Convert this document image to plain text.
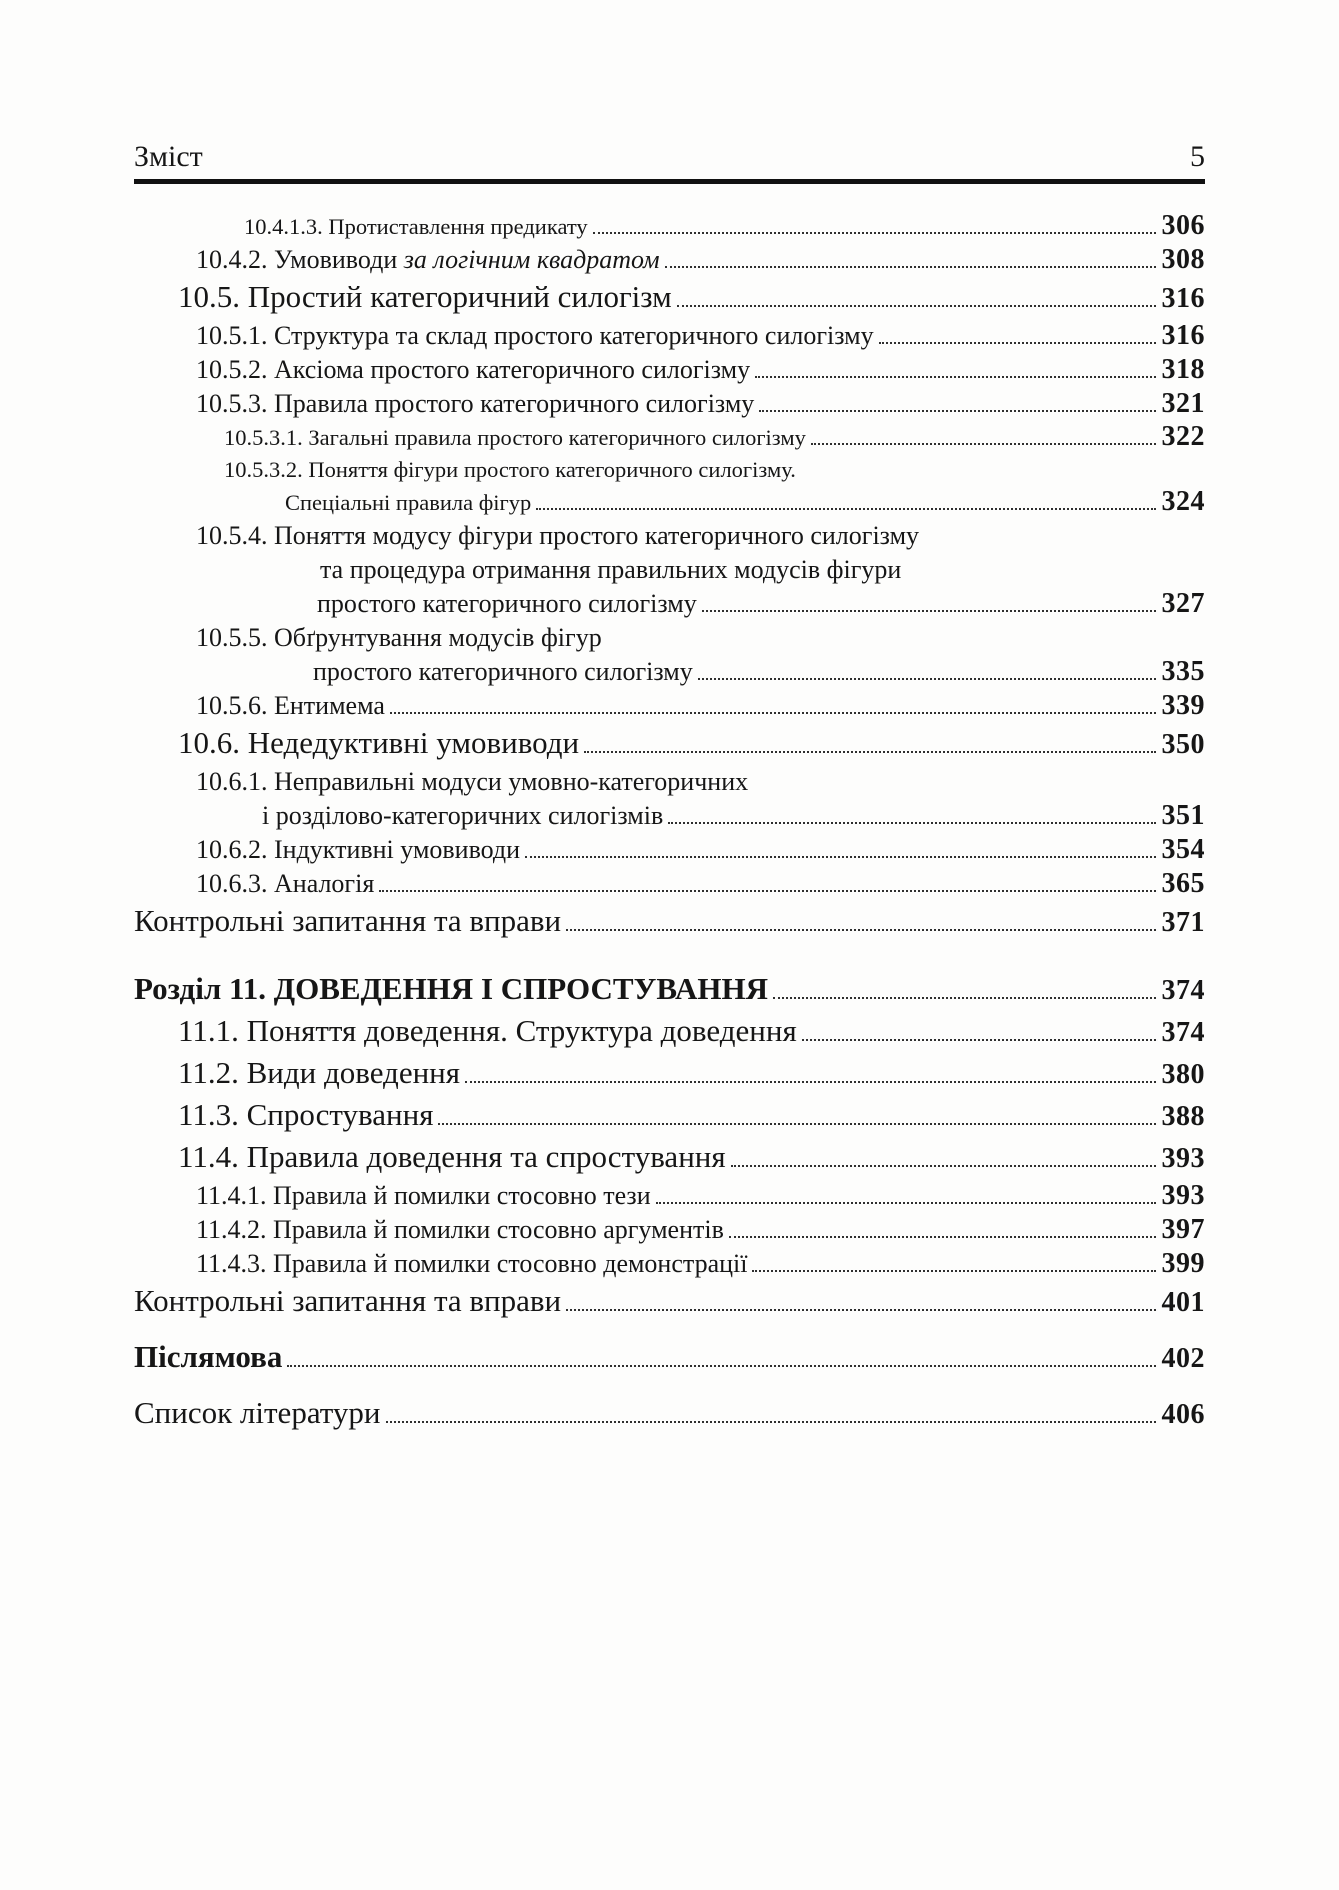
Зміст	5
10.4.1.3. Протиставлення предикату	306
10.4.2. Умовиводи за логічним квадратом	308
10.5. Простий категоричний силогізм	316
10.5.1. Структура та склад простого категоричного силогізму	316
10.5.2. Аксіома простого категоричного силогізму	318
10.5.3. Правила простого категоричного силогізму	321
10.5.3.1. Загальні правила простого категоричного силогізму	322
10.5.3.2. Поняття фігури простого категоричного силогізму.
Спеціальні правила фігур	324
10.5.4. Поняття модусу фігури простого категоричного силогізму
та процедура отримання правильних модусів фігури
простого категоричного силогізму	327
10.5.5. Обґрунтування модусів фігур
простого категоричного силогізму	335
10.5.6. Ентимема	339
10.6. Недедуктивні умовиводи	350
10.6.1. Неправильні модуси умовно-категоричних
і розділово-категоричних силогізмів	351
10.6.2. Індуктивні умовиводи	354
10.6.3. Аналогія	365
Контрольні запитання та вправи	371
Розділ 11. ДОВЕДЕННЯ І СПРОСТУВАННЯ	374
11.1. Поняття доведення. Структура доведення	374
11.2. Види доведення	380
11.3. Спростування	388
11.4. Правила доведення та спростування	393
11.4.1. Правила й помилки стосовно тези	393
11.4.2. Правила й помилки стосовно аргументів	397
11.4.3. Правила й помилки стосовно демонстрації	399
Контрольні запитання та вправи	401
Післямова	402
Список літератури	406
